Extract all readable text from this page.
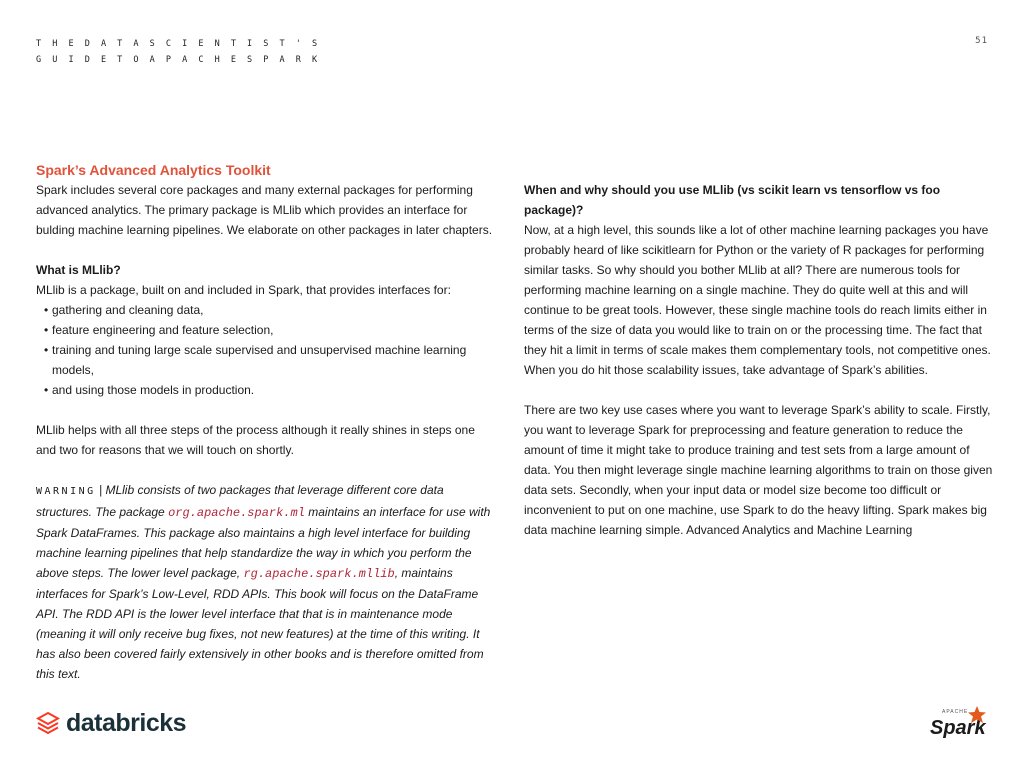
T H E D A T A S C I E N T I S T ' S
G U I D E T O A P A C H E S P A R K
51
Spark’s Advanced Analytics Toolkit

Spark includes several core packages and many external packages for performing advanced analytics. The primary package is MLlib which provides an interface for bulding machine learning pipelines. We elaborate on other packages in later chapters.

What is MLlib?

MLlib is a package, built on and included in Spark, that provides interfaces for:

• gathering and cleaning data,
• feature engineering and feature selection,
• training and tuning large scale supervised and unsupervised machine learning models,
• and using those models in production.

MLlib helps with all three steps of the process although it really shines in steps one and two for reasons that we will touch on shortly.

WARNING | MLlib consists of two packages that leverage different core data structures. The package org.apache.spark.ml maintains an interface for use with Spark DataFrames. This package also maintains a high level interface for building machine learning pipelines that help standardize the way in which you perform the above steps. The lower level package, rg.apache.spark.mllib, maintains interfaces for Spark’s Low-Level, RDD APIs. This book will focus on the DataFrame API. The RDD API is the lower level interface that that is in maintenance mode (meaning it will only receive bug fixes, not new features) at the time of this writing. It has also been covered fairly extensively in other books and is therefore omitted from this text.

When and why should you use MLlib (vs scikit learn vs tensorflow vs foo package)?

Now, at a high level, this sounds like a lot of other machine learning packages you have probably heard of like scikitlearn for Python or the variety of R packages for performing similar tasks. So why should you bother MLlib at all? There are numerous tools for performing machine learning on a single machine. They do quite well at this and will continue to be great tools. However, these single machine tools do reach limits either in terms of the size of data you would like to train on or the processing time. The fact that they hit a limit in terms of scale makes them complementary tools, not competitive ones. When you do hit those scalability issues, take advantage of Spark’s abilities.

There are two key use cases where you want to leverage Spark’s ability to scale. Firstly, you want to leverage Spark for preprocessing and feature generation to reduce the amount of time it might take to produce training and test sets from a large amount of data. You then might leverage single machine learning algorithms to train on those given data sets. Secondly, when your input data or model size become too difficult or inconvenient to put on one machine, use Spark to do the heavy lifting. Spark makes big data machine learning simple. Advanced Analytics and Machine Learning

databricks	APACHE
Spark
